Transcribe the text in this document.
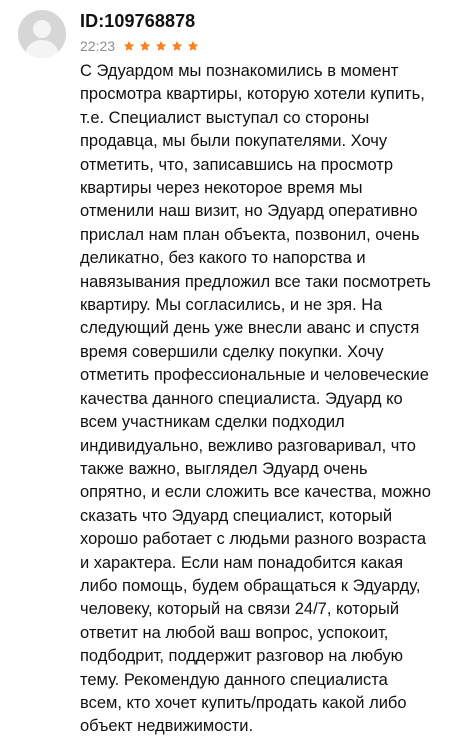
ID:109768878
22:23
С Эдуардом мы познакомились в момент
просмотра квартиры, которую хотели купить,
т.е. Специалист выступал со стороны
продавца, мы были покупателями. Хочу
отметить, что, записавшись на просмотр
квартиры через некоторое время мы
отменили наш визит, но Эдуард оперативно
прислал нам план объекта, позвонил, очень
деликатно, без какого то напорства и
навязывания предложил все таки посмотреть
квартиру. Мы согласились, и не зря. На
следующий день уже внесли аванс и спустя
время совершили сделку покупки. Хочу
отметить профессиональные и человеческие
качества данного специалиста. Эдуард ко
всем участникам сделки подходил
индивидуально, вежливо разговаривал, что
также важно, выглядел Эдуард очень
опрятно, и если сложить все качества, можно
сказать что Эдуард специалист, который
хорошо работает с людьми разного возраста
и характера. Если нам понадобится какая
либо помощь, будем обращаться к Эдуарду,
человеку, который на связи 24/7, который
ответит на любой ваш вопрос, успокоит,
подбодрит, поддержит разговор на любую
тему. Рекомендую данного специалиста
всем, кто хочет купить/продать какой либо
объект недвижимости.
